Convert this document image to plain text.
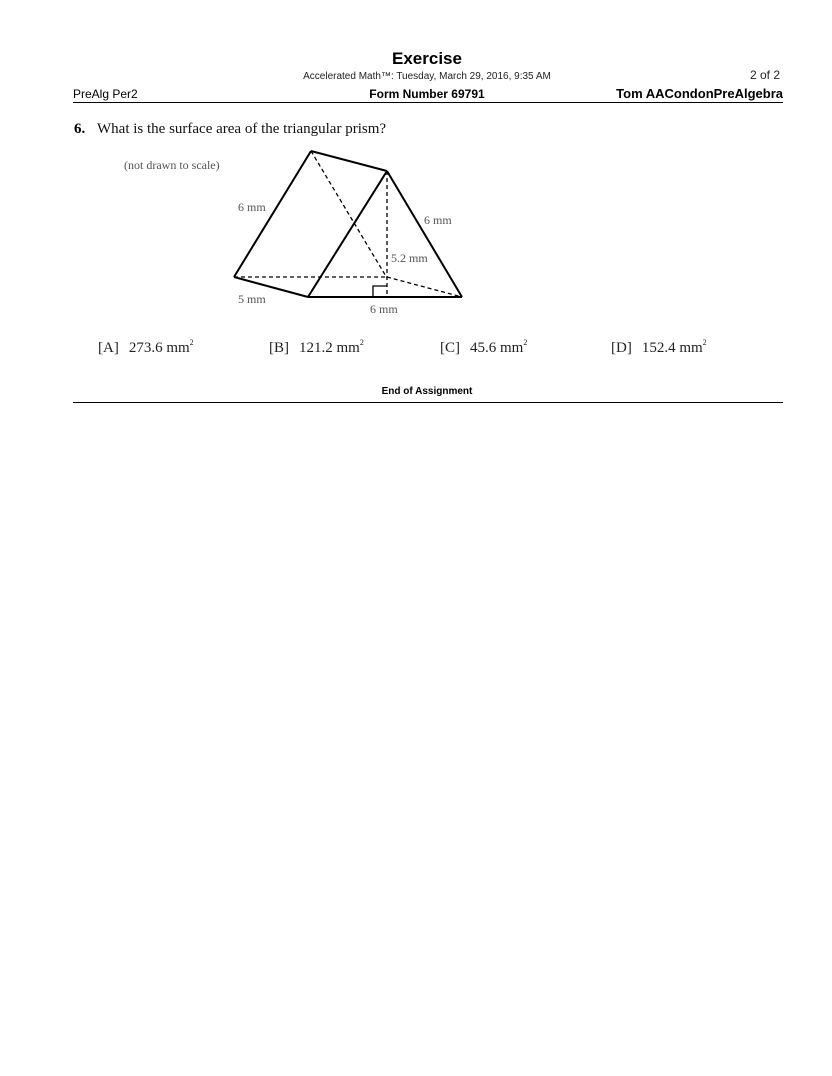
Exercise
Accelerated Math™: Tuesday, March 29, 2016, 9:35 AM	2 of 2
PreAlg Per2	Form Number 69791	Tom AACondonPreAlgebra
6. What is the surface area of the triangular prism?
(not drawn to scale)
6 mm
6 mm
5.2 mm
5 mm
6 mm
[A] 273.6 $mm^2$	[B] 121.2 $mm^2$	[C] 45.6 $mm^2$	[D] 152.4 $mm^2$
End of Assignment
